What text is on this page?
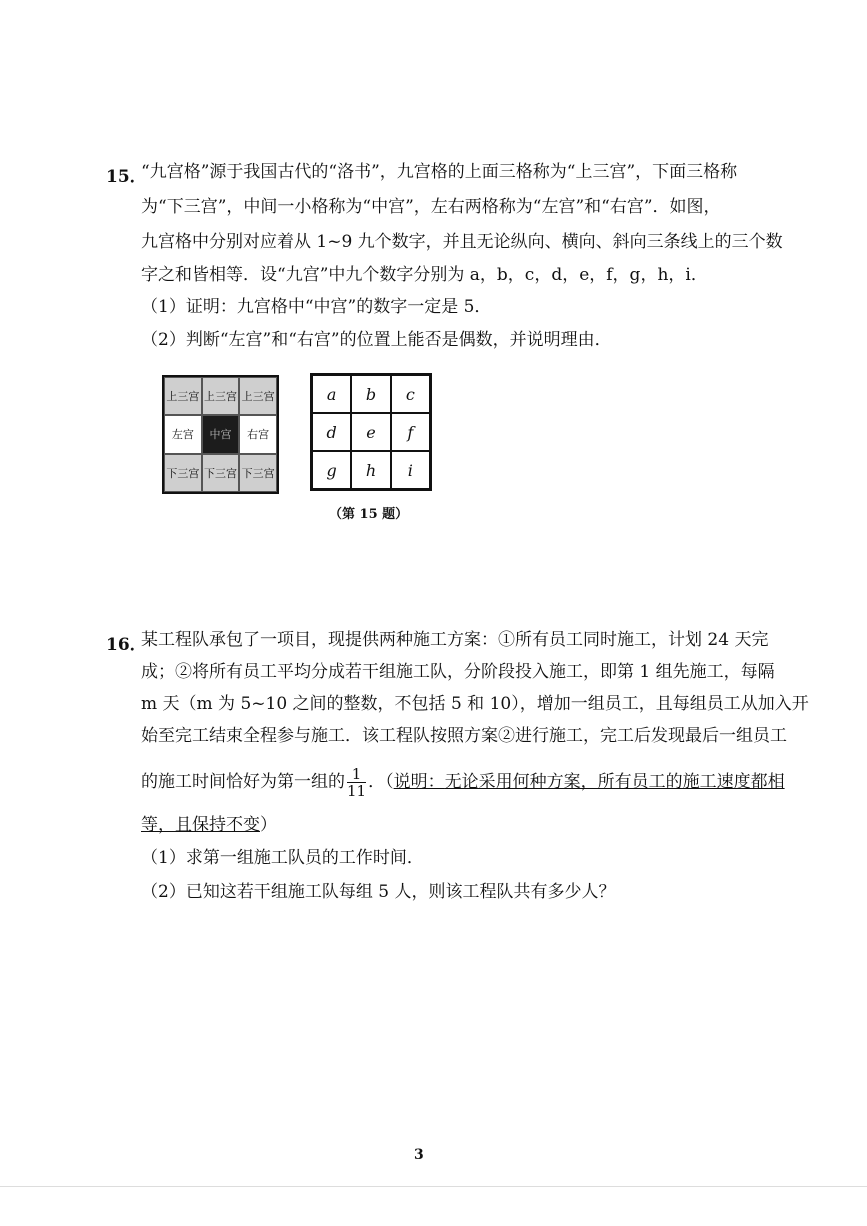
15．
“九宫格”源于我国古代的“洛书”，九宫格的上面三格称为“上三宫”，下面三格称
为“下三宫”，中间一小格称为“中宫”，左右两格称为“左宫”和“右宫”．如图，
九宫格中分别对应着从 1~9 九个数字，并且无论纵向、横向、斜向三条线上的三个数
字之和皆相等．设“九宫”中九个数字分别为 a，b，c，d，e，f，g，h，i．
（1）证明：九宫格中“中宫”的数字一定是 5．
（2）判断“左宫”和“右宫”的位置上能否是偶数，并说明理由．
上三宫 上三宫 上三宫
左宫	中宫	右宫
下三宫 下三宫 下三宫
a	b	c
d	e	f
g	h	i
（第 15 题）
16．
某工程队承包了一项目，现提供两种施工方案：①所有员工同时施工，计划 24 天完
成；②将所有员工平均分成若干组施工队，分阶段投入施工，即第 1 组先施工，每隔
m 天（m 为 5~10 之间的整数，不包括 5 和 10），增加一组员工，且每组员工从加入开
始至完工结束全程参与施工．该工程队按照方案②进行施工，完工后发现最后一组员工
的施工时间恰好为第一组的 $\frac{1}{11}$ ．（说明：无论采用何种方案，所有员工的施工速度都相
等，且保持不变）
（1）求第一组施工队员的工作时间．
（2）已知这若干组施工队每组 5 人，则该工程队共有多少人？
3
